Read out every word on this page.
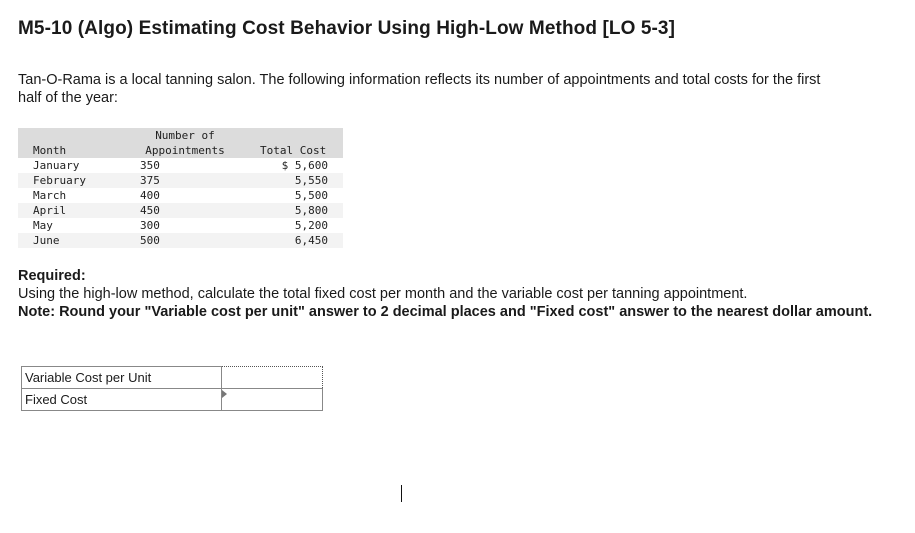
M5-10 (Algo) Estimating Cost Behavior Using High-Low Method [LO 5-3]
Tan-O-Rama is a local tanning salon. The following information reflects its number of appointments and total costs for the first half of the year:
Number of
Month	Appointments	Total Cost
January	350	$ 5,600
February	375	5,550
March	400	5,500
April	450	5,800
May	300	5,200
June	500	6,450
Required:
Using the high-low method, calculate the total fixed cost per month and the variable cost per tanning appointment.
Note: Round your "Variable cost per unit" answer to 2 decimal places and "Fixed cost" answer to the nearest dollar amount.
Variable Cost per Unit	
Fixed Cost	
